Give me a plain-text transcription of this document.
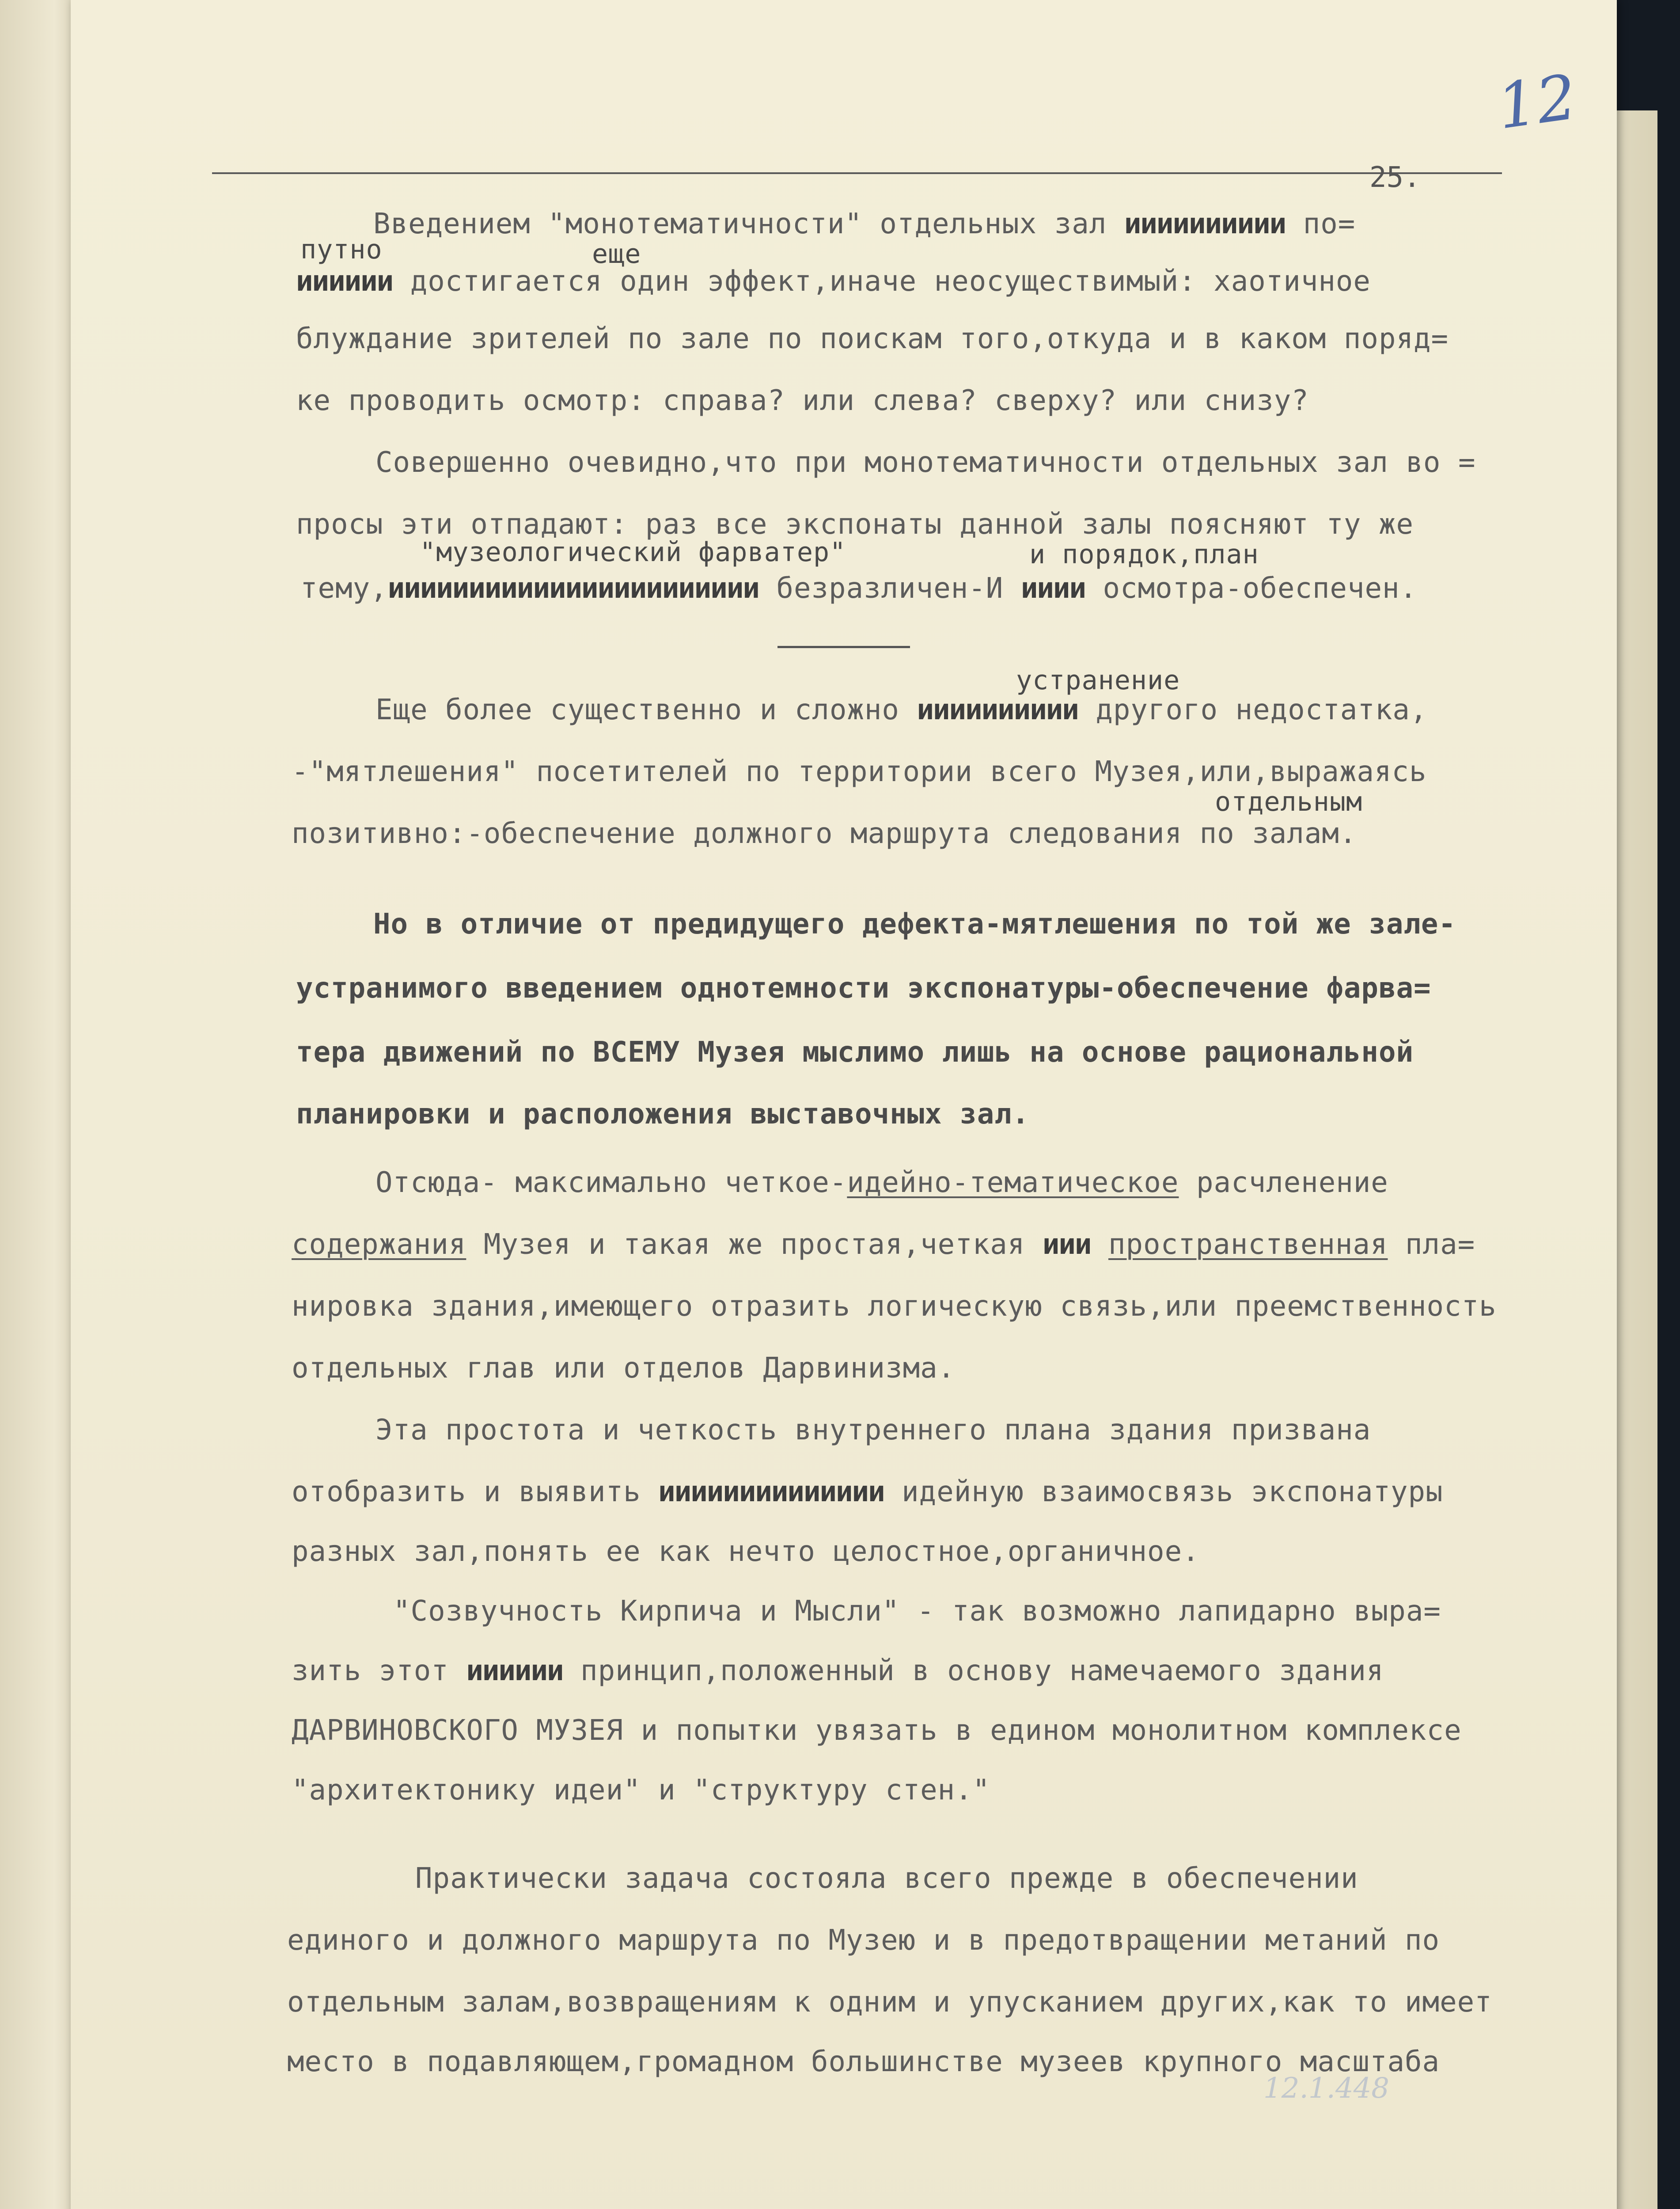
12
25.
Введением "монотематичности" отдельных зал ииииииииии по=
путно	еще
ииииии достигается один эффект,иначе неосуществимый: хаотичное
блуждание зрителей по зале по поискам того,откуда и в каком поряд=
ке проводить осмотр: справа? или слева? сверху? или снизу?
Совершенно очевидно,что при монотематичности отдельных зал во =
просы эти отпадают: раз все экспонаты данной залы поясняют ту же
"музеологический фарватер"	и порядок,план
тему,иииииииииииииииииииииии безразличен-И ииии осмотра-обеспечен.
устранение
Еще более существенно и сложно ииииииииии другого недостатка,
-"мятлешения" посетителей по территории всего Музея,или,выражаясь
отдельным
позитивно:-обеспечение должного маршрута следования по залам.
Но в отличие от предидущего дефекта-мятлешения по той же зале-
устранимого введением однотемности экспонатуры-обеспечение фарва=
тера движений по ВСЕМУ Музея мыслимо лишь на основе рациональной
планировки и расположения выставочных зал.
Отсюда- максимально четкое-идейно-тематическое расчленение
содержания Музея и такая же простая,четкая иии пространственная пла=
нировка здания,имеющего отразить логическую связь,или преемственность
отдельных глав или отделов Дарвинизма.
Эта простота и четкость внутреннего плана здания призвана
отобразить и выявить ииииииииииииии идейную взаимосвязь экспонатуры
разных зал,понять ее как нечто целостное,органичное.
"Созвучность Кирпича и Мысли" - так возможно лапидарно выра=
зить этот ииииии принцип,положенный в основу намечаемого здания
ДАРВИНОВСКОГО МУЗЕЯ и попытки увязать в едином монолитном комплексе
"архитектонику идеи" и "структуру стен."
Практически задача состояла всего прежде в обеспечении
единого и должного маршрута по Музею и в предотвращении метаний по
отдельным залам,возвращениям к одним и упусканием других,как то имеет
место в подавляющем,громадном большинстве музеев крупного масштаба
12.1.448
